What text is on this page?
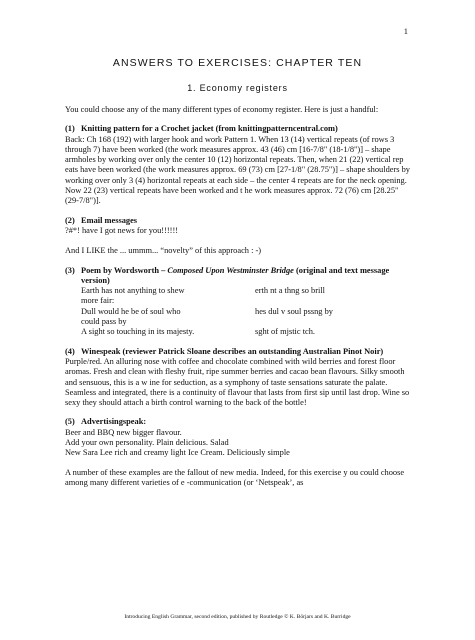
1
ANSWERS TO EXERCISES: CHAPTER TEN
1. Economy registers

You could choose any of the many different types of economy register. Here is just a handful:

(1) Knitting pattern for a Crochet jacket (from knittingpatterncentral.com)

Back: Ch 168 (192) with larger hook and work Pattern 1. When 13 (14) vertical repeats (of rows 3 through 7) have been worked (the work measures approx. 43 (46) cm [16-7/8" (18-1/8")] – shape armholes by working over only the center 10 (12) horizontal repeats. Then, when 21 (22) vertical rep eats have been worked (the work measures approx. 69 (73) cm [27-1/8" (28.75")] – shape shoulders by working over only 3 (4) horizontal repeats at each side – the center 4 repeats are for the neck opening. Now 22 (23) vertical repeats have been worked and t he work measures approx. 72 (76) cm [28.25" (29-7/8")].

(2) Email messages

?#*! have I got news for you!!!!!!

And I LIKE the ... ummm... “novelty” of this approach : -)

(3) Poem by Wordsworth – Composed Upon Westminster Bridge (original and text message version)
Earth has not anything to shew	erth nt a thng so brill
more fair:
Dull would he be of soul who	hes dul v soul pssng by
could pass by
A sight so touching in its majesty.	sght of mjstic tch.
(4) Winespeak (reviewer Patrick Sloane describes an outstanding Australian Pinot Noir)

Purple/red. An alluring nose with coffee and chocolate combined with wild berries and forest floor aromas. Fresh and clean with fleshy fruit, ripe summer berries and cacao bean flavours. Silky smooth and sensuous, this is a w ine for seduction, as a symphony of taste sensations saturate the palate. Seamless and integrated, there is a continuity of flavour that lasts from first sip until last drop. Wine so sexy they should attach a birth control warning to the back of the bottle!

(5) Advertisingspeak:

Beer and BBQ new bigger flavour.

Add your own personality. Plain delicious. Salad

New Sara Lee rich and creamy light Ice Cream. Deliciously simple

A number of these examples are the fallout of new media. Indeed, for this exercise y ou could choose among many different varieties of e -communication (or ‘Netspeak’, as

Introducing English Grammar, second edition, published by Routledge © K. Börjars and K. Burridge
